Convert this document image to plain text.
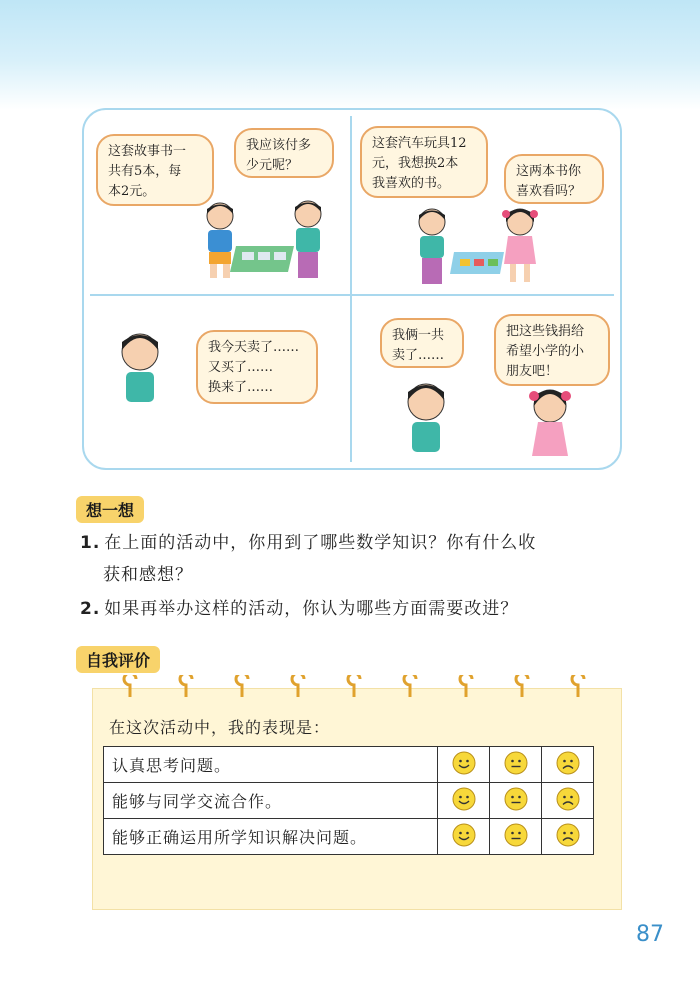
这套故事书一
共有5本，每
本2元。
我应该付多
少元呢？
这套汽车玩具12
元，我想换2本
我喜欢的书。
这两本书你
喜欢看吗？
我今天卖了……
又买了……
换来了……
我俩一共
卖了……
把这些钱捐给
希望小学的小
朋友吧！
想一想
1. 在上面的活动中，你用到了哪些数学知识？你有什么收
获和感想？
2. 如果再举办这样的活动，你认为哪些方面需要改进？
自我评价
在这次活动中，我的表现是：
认真思考问题。			
能够与同学交流合作。			
能够正确运用所学知识解决问题。			
87
